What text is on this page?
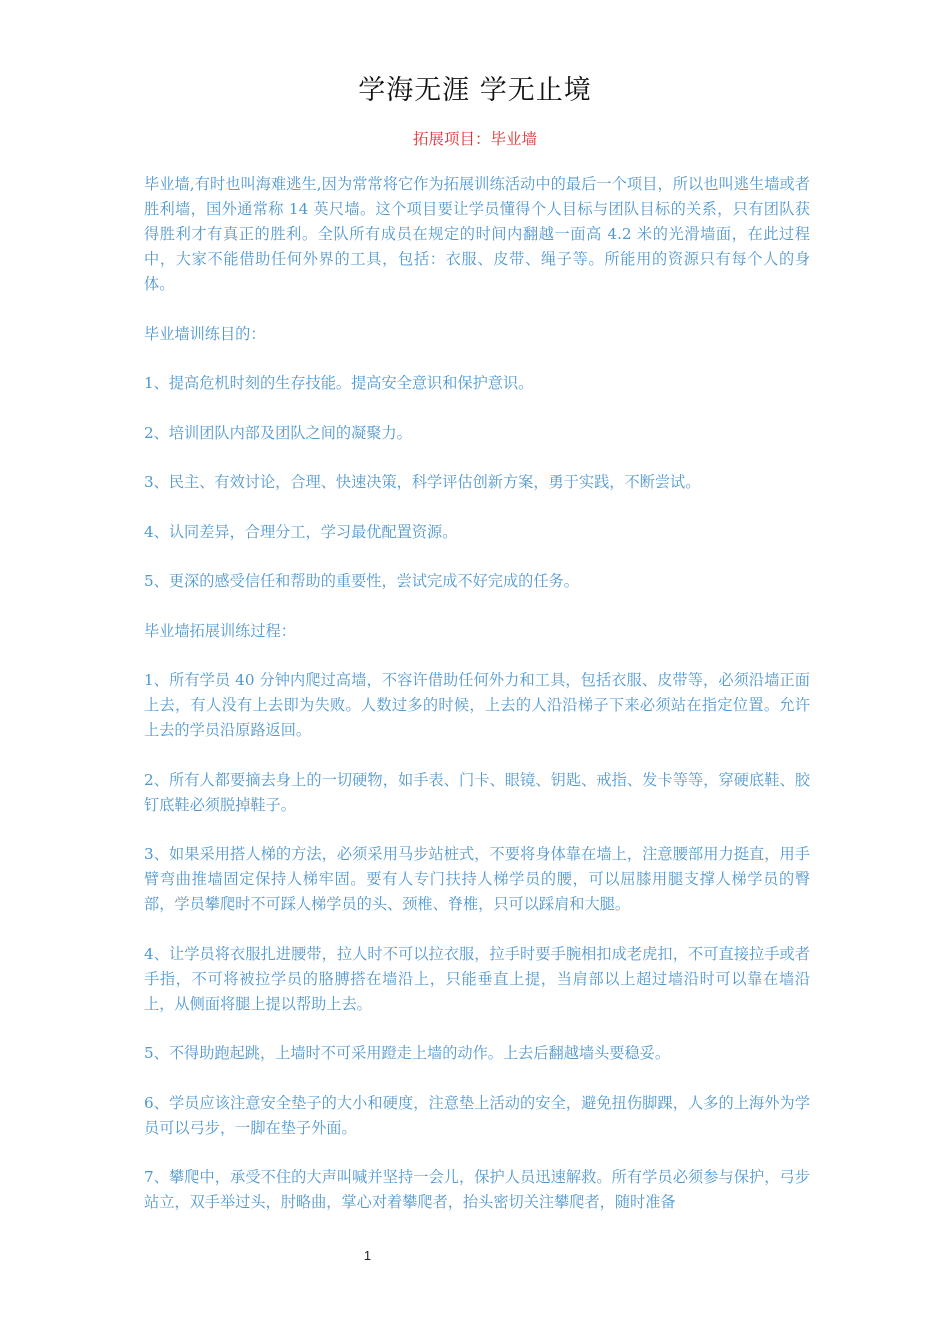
学海无涯 学无止境
拓展项目：毕业墙

毕业墙,有时也叫海难逃生,因为常常将它作为拓展训练活动中的最后一个项目，所以也叫逃生墙或者胜利墙，国外通常称 14 英尺墙。这个项目要让学员懂得个人目标与团队目标的关系，只有团队获得胜利才有真正的胜利。全队所有成员在规定的时间内翻越一面高 4.2 米的光滑墙面，在此过程中，大家不能借助任何外界的工具，包括：衣服、皮带、绳子等。所能用的资源只有每个人的身体。

毕业墙训练目的：

1、提高危机时刻的生存技能。提高安全意识和保护意识。

2、培训团队内部及团队之间的凝聚力。

3、民主、有效讨论，合理、快速决策，科学评估创新方案，勇于实践，不断尝试。

4、认同差异，合理分工，学习最优配置资源。

5、更深的感受信任和帮助的重要性，尝试完成不好完成的任务。

毕业墙拓展训练过程：

1、所有学员 40 分钟内爬过高墙，不容许借助任何外力和工具，包括衣服、皮带等，必须沿墙正面上去，有人没有上去即为失败。人数过多的时候，上去的人沿沿梯子下来必须站在指定位置。允许上去的学员沿原路返回。

2、所有人都要摘去身上的一切硬物，如手表、门卡、眼镜、钥匙、戒指、发卡等等，穿硬底鞋、胶钉底鞋必须脱掉鞋子。

3、如果采用搭人梯的方法，必须采用马步站桩式，不要将身体靠在墙上，注意腰部用力挺直，用手臂弯曲推墙固定保持人梯牢固。要有人专门扶持人梯学员的腰，可以屈膝用腿支撑人梯学员的臀部，学员攀爬时不可踩人梯学员的头、颈椎、脊椎，只可以踩肩和大腿。

4、让学员将衣服扎进腰带，拉人时不可以拉衣服，拉手时要手腕相扣成老虎扣，不可直接拉手或者手指，不可将被拉学员的胳膊搭在墙沿上，只能垂直上提，当肩部以上超过墙沿时可以靠在墙沿上，从侧面将腿上提以帮助上去。

5、不得助跑起跳，上墙时不可采用蹬走上墙的动作。上去后翻越墙头要稳妥。

6、学员应该注意安全垫子的大小和硬度，注意垫上活动的安全，避免扭伤脚踝，人多的上海外为学员可以弓步，一脚在垫子外面。

7、攀爬中，承受不住的大声叫喊并坚持一会儿，保护人员迅速解救。所有学员必须参与保护，弓步站立，双手举过头，肘略曲，掌心对着攀爬者，抬头密切关注攀爬者，随时准备

1
